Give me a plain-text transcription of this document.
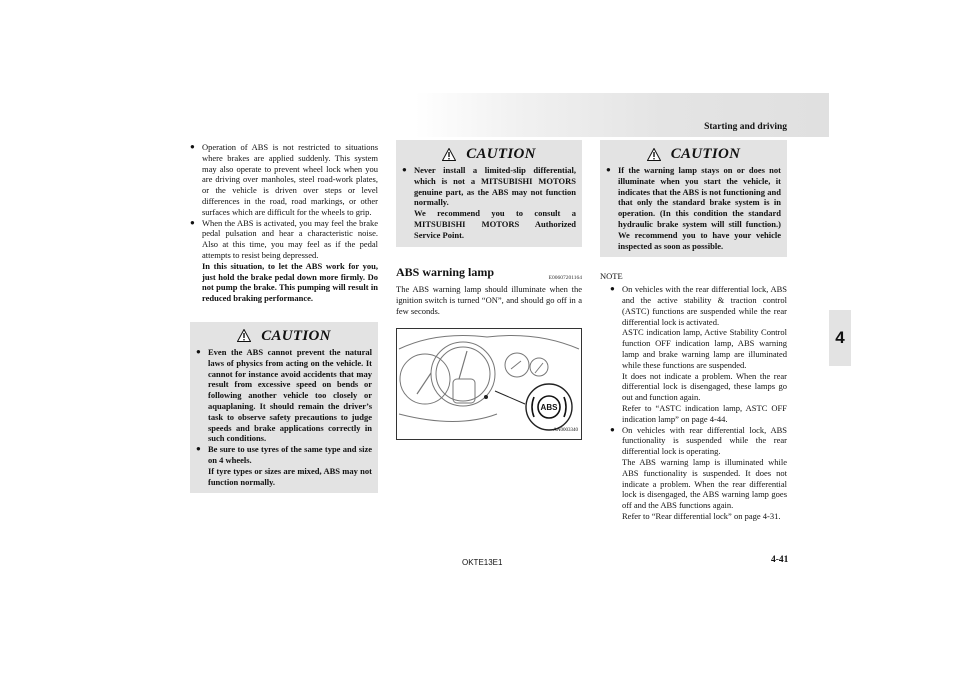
Starting and driving
4

● Operation of ABS is not restricted to situations where brakes are applied suddenly. This system may also operate to prevent wheel lock when you are driving over manholes, steel road-work plates, or the vehicle is driven over steps or level differences in the road, road markings, or other surfaces which are difficult for the wheels to grip.

● When the ABS is activated, you may feel the brake pedal pulsation and hear a characteristic noise. Also at this time, you may feel as if the pedal attempts to resist being depressed.
In this situation, to let the ABS work for you, just hold the brake pedal down more firmly. Do not pump the brake. This pumping will result in reduced braking performance.
CAUTION
● Even the ABS cannot prevent the natural laws of physics from acting on the vehicle. It cannot for instance avoid accidents that may result from excessive speed on bends or following another vehicle too closely or aquaplaning. It should remain the driver’s task to observe safety precautions to judge speeds and brake applications correctly in such conditions.
● Be sure to use tyres of the same type and size on 4 wheels.
If tyre types or sizes are mixed, ABS may not function normally.
CAUTION
● Never install a limited-slip differential, which is not a MITSUBISHI MOTORS genuine part, as the ABS may not function normally.
We recommend you to consult a MITSUBISHI MOTORS Authorized Service Point.
ABS warning lamp	E00607201164

The ABS warning lamp should illuminate when the ignition switch is turned “ON”, and should go off in a few seconds.

ABS
AA0003340
CAUTION
● If the warning lamp stays on or does not illuminate when you start the vehicle, it indicates that the ABS is not functioning and that only the standard brake system is in operation. (In this condition the standard hydraulic brake system will still function.) We recommend you to have your vehicle inspected as soon as possible.
NOTE
● On vehicles with the rear differential lock, ABS and the active stability & traction control (ASTC) functions are suspended while the rear differential lock is activated.
ASTC indication lamp, Active Stability Control function OFF indication lamp, ABS warning lamp and brake warning lamp are illuminated while these functions are suspended.
It does not indicate a problem. When the rear differential lock is disengaged, these lamps go out and function again.
Refer to “ASTC indication lamp, ASTC OFF indication lamp” on page 4-44.
● On vehicles with rear differential lock, ABS functionality is suspended while the rear differential lock is operating.
The ABS warning lamp is illuminated while ABS functionality is suspended. It does not indicate a problem. When the rear differential lock is disengaged, the ABS warning lamp goes off and the ABS functions again.
Refer to “Rear differential lock” on page 4-31.
OKTE13E1	4-41
